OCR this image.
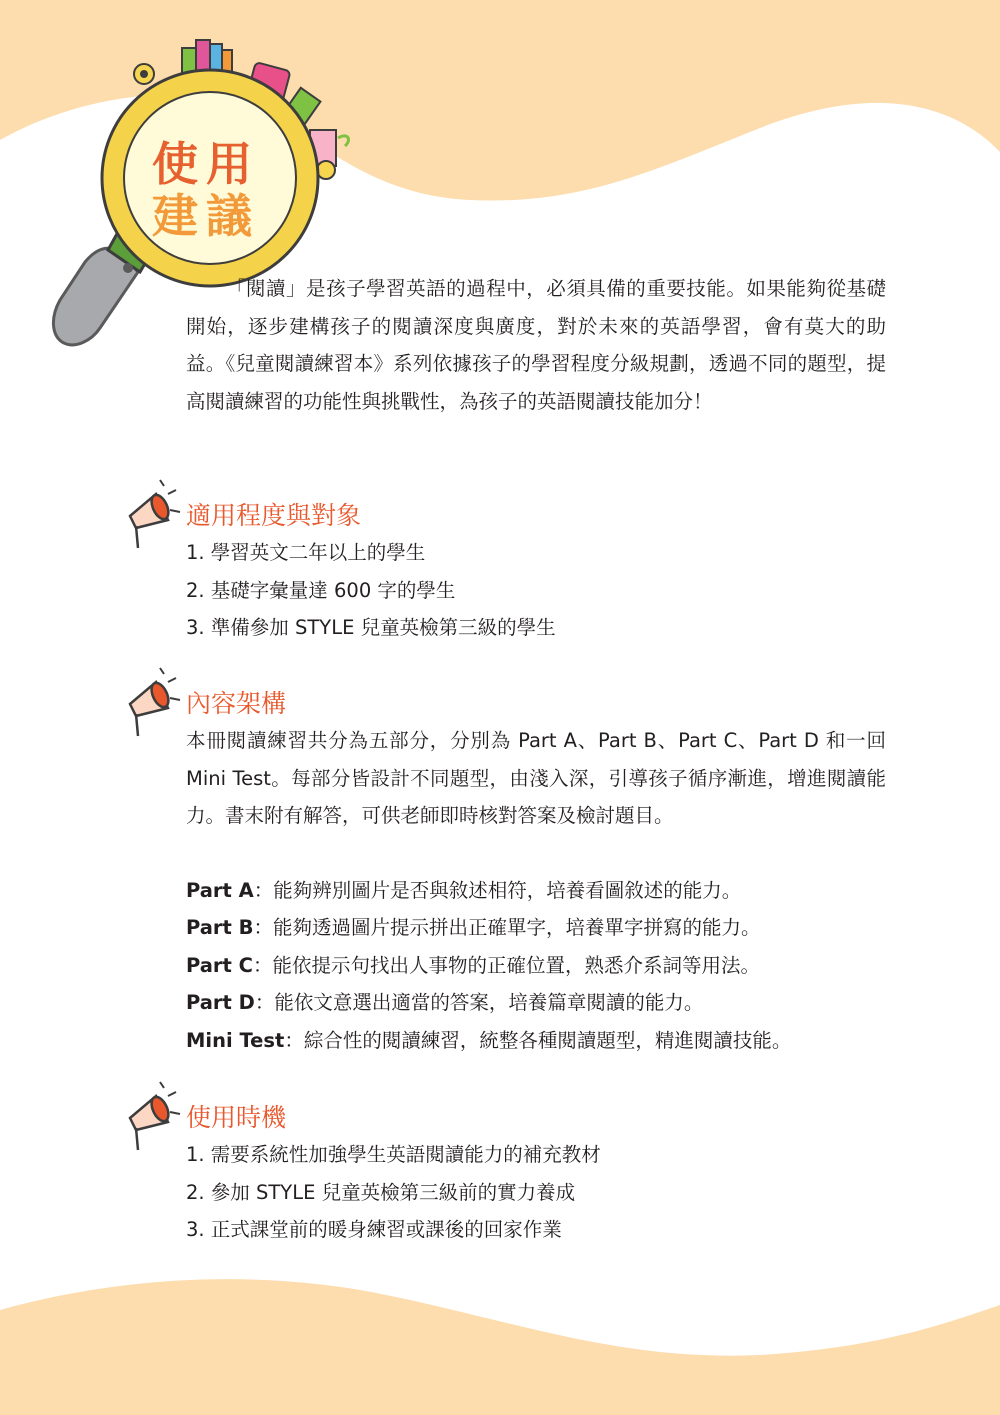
使用
建議

「閱讀」是孩子學習英語的過程中，必須具備的重要技能。如果能夠從基礎開始，逐步建構孩子的閱讀深度與廣度，對於未來的英語學習，會有莫大的助益。《兒童閱讀練習本》系列依據孩子的學習程度分級規劃，透過不同的題型，提高閱讀練習的功能性與挑戰性，為孩子的英語閱讀技能加分！

適用程度與對象
1. 學習英文二年以上的學生
2. 基礎字彙量達 600 字的學生
3. 準備參加 STYLE 兒童英檢第三級的學生
內容架構

本冊閱讀練習共分為五部分，分別為 Part A、Part B、Part C、Part D 和一回 Mini Test。每部分皆設計不同題型，由淺入深，引導孩子循序漸進，增進閱讀能力。書末附有解答，可供老師即時核對答案及檢討題目。

Part A：能夠辨別圖片是否與敘述相符，培養看圖敘述的能力。
Part B：能夠透過圖片提示拼出正確單字，培養單字拼寫的能力。
Part C：能依提示句找出人事物的正確位置，熟悉介系詞等用法。
Part D：能依文意選出適當的答案，培養篇章閱讀的能力。
Mini Test：綜合性的閱讀練習，統整各種閱讀題型，精進閱讀技能。
使用時機
1. 需要系統性加強學生英語閱讀能力的補充教材
2. 參加 STYLE 兒童英檢第三級前的實力養成
3. 正式課堂前的暖身練習或課後的回家作業
